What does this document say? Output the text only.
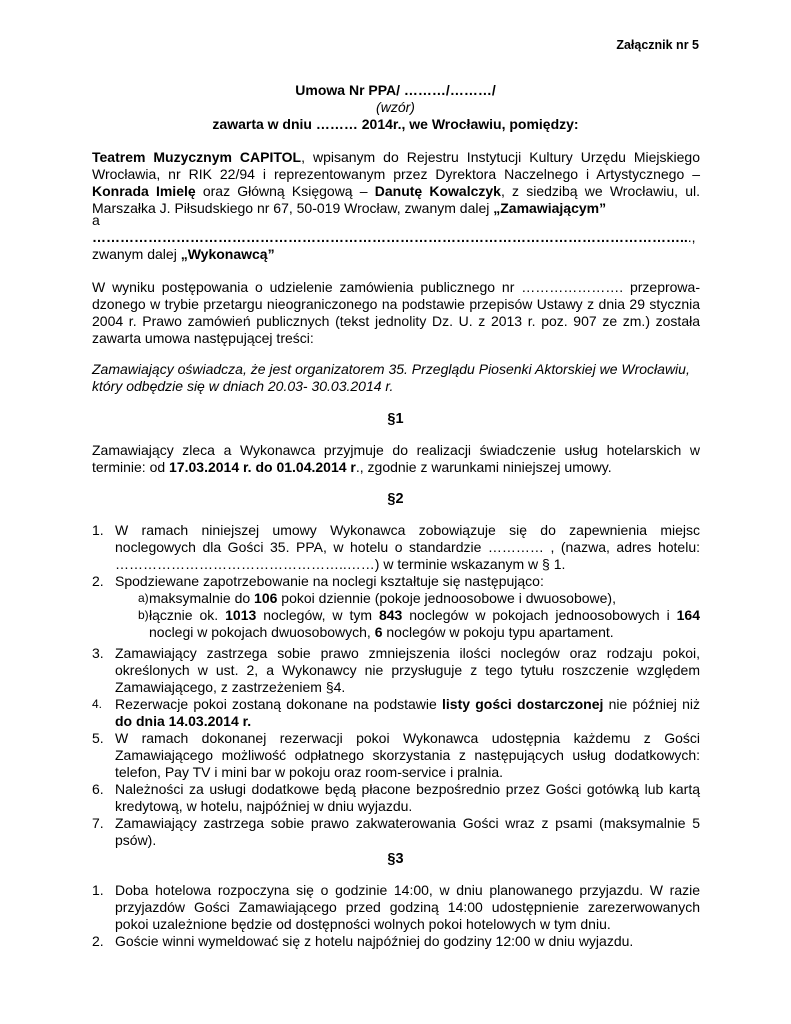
Załącznik nr 5
Umowa Nr PPA/ ………/………/
(wzór)
zawarta w dniu ……… 2014r., we Wrocławiu, pomiędzy:
Teatrem Muzycznym CAPITOL, wpisanym do Rejestru Instytucji Kultury Urzędu Miejskiego Wrocławia, nr RIK 22/94 i reprezentowanym przez Dyrektora Naczelnego i Artystycznego – Konrada Imielę oraz Główną Księgową – Danutę Kowalczyk, z siedzibą we Wrocławiu, ul. Marszałka J. Piłsudskiego nr 67, 50-019 Wrocław, zwanym dalej „Zamawiającym”
a
………………………………………………………………………………………………………………...,
zwanym dalej „Wykonawcą”
W wyniku postępowania o udzielenie zamówienia publicznego nr …………………. przeprowa-dzonego w trybie przetargu nieograniczonego na podstawie przepisów Ustawy z dnia 29 stycznia 2004 r. Prawo zamówień publicznych (tekst jednolity Dz. U. z 2013 r. poz. 907 ze zm.) została zawarta umowa następującej treści:
Zamawiający oświadcza, że jest organizatorem 35. Przeglądu Piosenki Aktorskiej we Wrocławiu, który odbędzie się w dniach 20.03- 30.03.2014 r.
§1
Zamawiający zleca a Wykonawca przyjmuje do realizacji świadczenie usług hotelarskich w terminie: od 17.03.2014 r. do 01.04.2014 r., zgodnie z warunkami niniejszej umowy.
§2
1. W ramach niniejszej umowy Wykonawca zobowiązuje się do zapewnienia miejsc noclegowych dla Gości 35. PPA, w hotelu o standardzie ………… , (nazwa, adres hotelu: …………………………………………..……) w terminie wskazanym w § 1.
2. Spodziewane zapotrzebowanie na noclegi kształtuje się następująco:
a) maksymalnie do 106 pokoi dziennie (pokoje jednoosobowe i dwuosobowe),
b) łącznie ok. 1013 noclegów, w tym 843 noclegów w pokojach jednoosobowych i 164 noclegi w pokojach dwuosobowych, 6 noclegów w pokoju typu apartament.
3. Zamawiający zastrzega sobie prawo zmniejszenia ilości noclegów oraz rodzaju pokoi, określonych w ust. 2, a Wykonawcy nie przysługuje z tego tytułu roszczenie względem Zamawiającego, z zastrzeżeniem §4.
4. Rezerwacje pokoi zostaną dokonane na podstawie listy gości dostarczonej nie później niż do dnia 14.03.2014 r.
5. W ramach dokonanej rezerwacji pokoi Wykonawca udostępnia każdemu z Gości Zamawiającego możliwość odpłatnego skorzystania z następujących usług dodatkowych: telefon, Pay TV i mini bar w pokoju oraz room-service i pralnia.
6. Należności za usługi dodatkowe będą płacone bezpośrednio przez Gości gotówką lub kartą kredytową, w hotelu, najpóźniej w dniu wyjazdu.
7. Zamawiający zastrzega sobie prawo zakwaterowania Gości wraz z psami (maksymalnie 5 psów).
§3
1. Doba hotelowa rozpoczyna się o godzinie 14:00, w dniu planowanego przyjazdu. W razie przyjazdów Gości Zamawiającego przed godziną 14:00 udostępnienie zarezerwowanych pokoi uzależnione będzie od dostępności wolnych pokoi hotelowych w tym dniu.
2. Goście winni wymeldować się z hotelu najpóźniej do godziny 12:00 w dniu wyjazdu.
